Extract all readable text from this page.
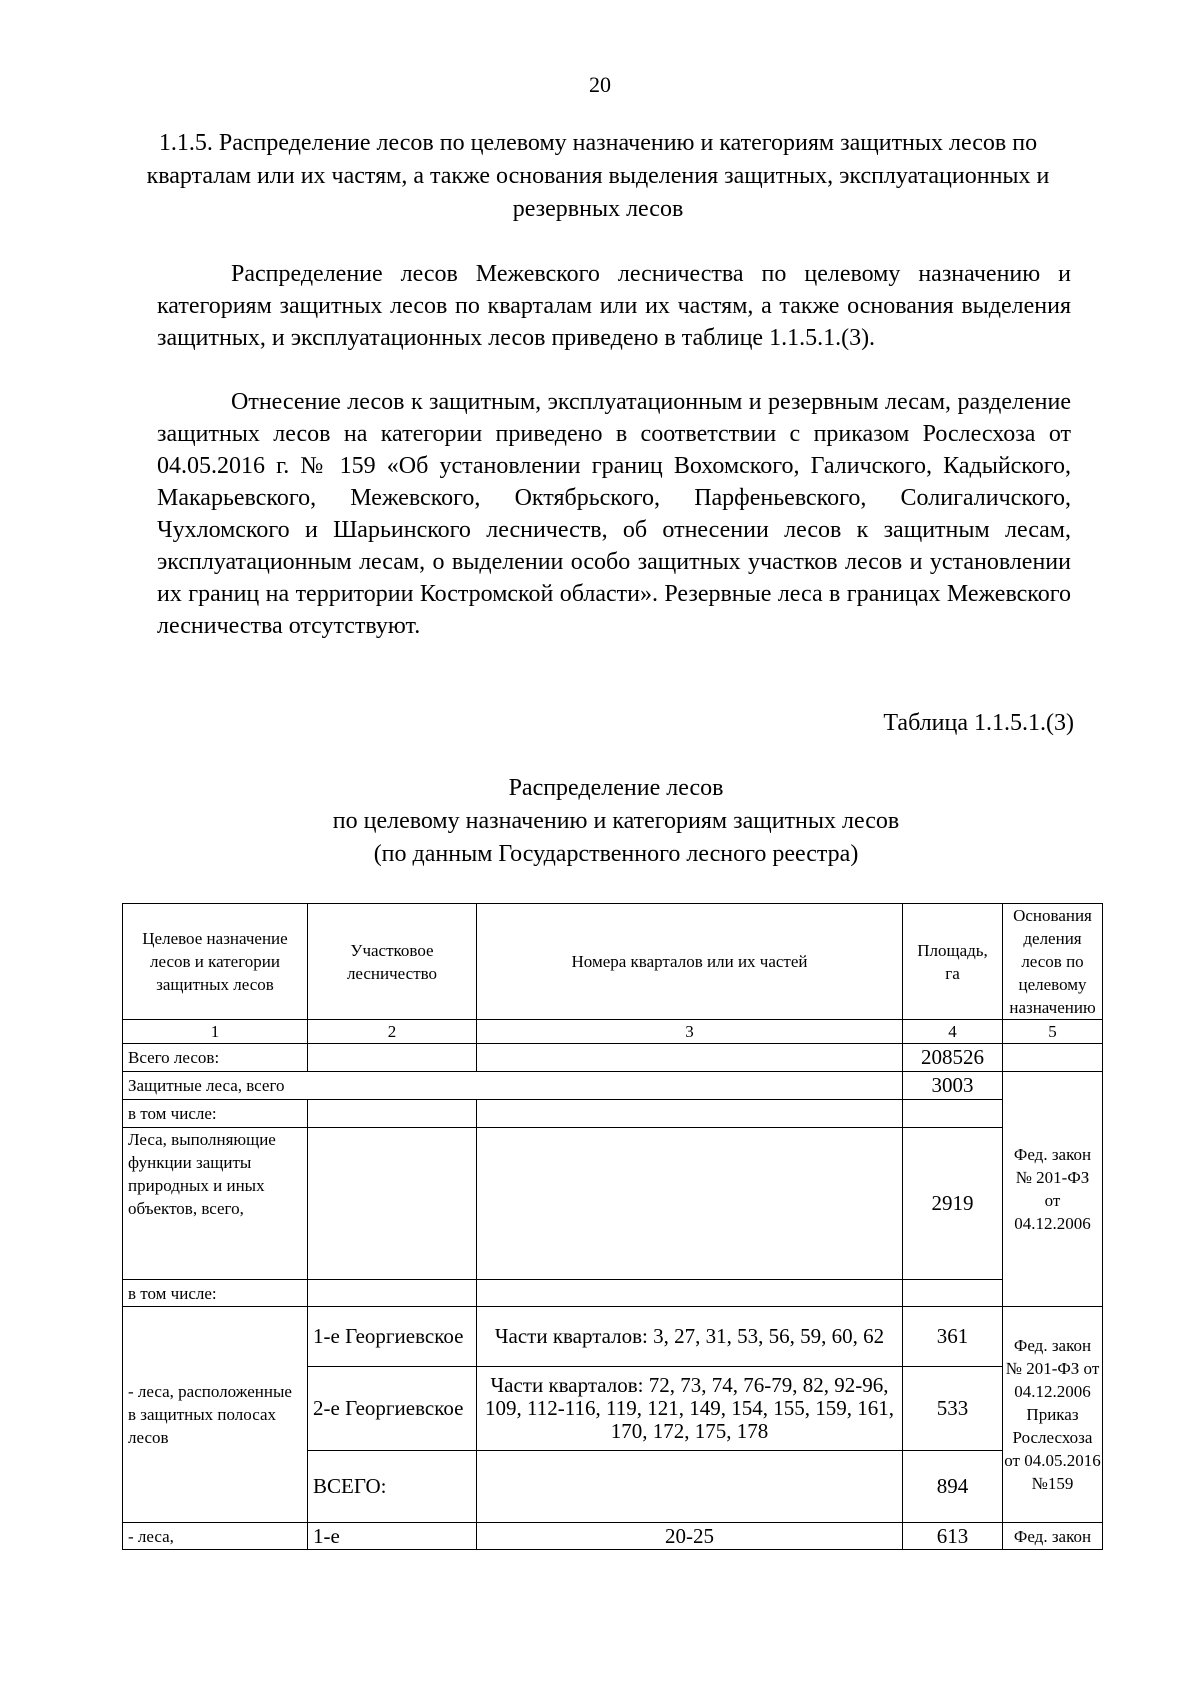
20
1.1.5. Распределение лесов по целевому назначению и категориям защитных лесов по кварталам или их частям, а также основания выделения защитных, эксплуатационных и резервных лесов

Распределение лесов Межевского лесничества по целевому назначению и категориям защитных лесов по кварталам или их частям, а также основания выделения защитных, и эксплуатационных лесов приведено в таблице 1.1.5.1.(3).

Отнесение лесов к защитным, эксплуатационным и резервным лесам, разделение защитных лесов на категории приведено в соответствии с приказом Рослесхоза от 04.05.2016 г. № 159 «Об установлении границ Вохомского, Галичского, Кадыйского, Макарьевского, Межевского, Октябрьского, Парфеньевского, Солигаличского, Чухломского и Шарьинского лесничеств, об отнесении лесов к защитным лесам, эксплуатационным лесам, о выделении особо защитных участков лесов и установлении их границ на территории Костромской области». Резервные леса в границах Межевского лесничества отсутствуют.

Таблица 1.1.5.1.(3)
Распределение лесов
по целевому назначению и категориям защитных лесов
(по данным Государственного лесного реестра)
Целевое назначение лесов и категории защитных лесов	Участковое лесничество	Номера кварталов или их частей	Площадь, га	Основания деления лесов по целевому назначению
1	2	3	4	5
Всего лесов:			208526	
Защитные леса, всего			3003	Фед. закон № 201-ФЗ от 04.12.2006
в том числе:				
Леса, выполняющие функции защиты природных и иных объектов, всего,			2919	
в том числе:				
- леса, расположенные в защитных полосах лесов	1-е Георгиевское	Части кварталов: 3, 27, 31, 53, 56, 59, 60, 62	361	Фед. закон № 201-ФЗ от 04.12.2006 Приказ Рослесхоза от 04.05.2016 №159
	2-е Георгиевское	Части кварталов: 72, 73, 74, 76-79, 82, 92-96, 109, 112-116, 119, 121, 149, 154, 155, 159, 161, 170, 172, 175, 178	533	
	ВСЕГО:		894	
- леса,	1-е	20-25	613	Фед. закон
